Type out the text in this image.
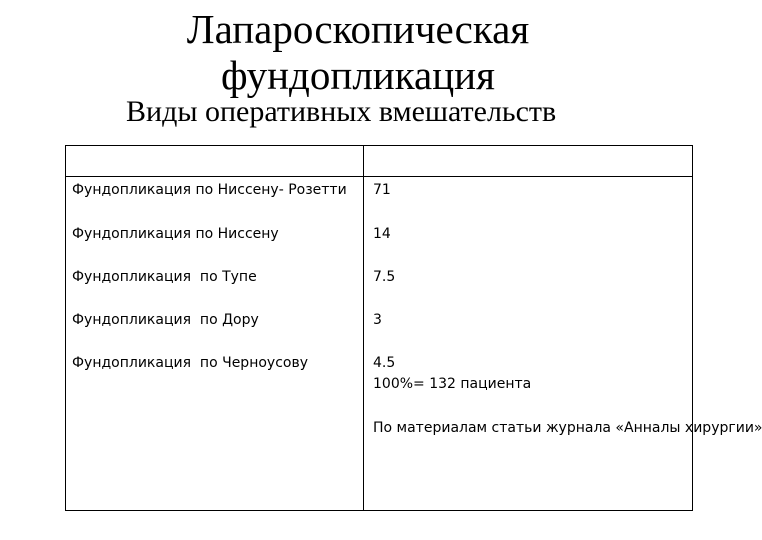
Лапароскопическая
фундопликация
Виды оперативных вмешательств
Фундопликация по Ниссену- Розетти 71
Фундопликация по Ниссену	14
Фундопликация  по Тупе	7.5
Фундопликация  по Дору	3
Фундопликация  по Черноусову	4.5
100%= 132 пациента
По материалам статьи журнала «Анналы хирургии»
